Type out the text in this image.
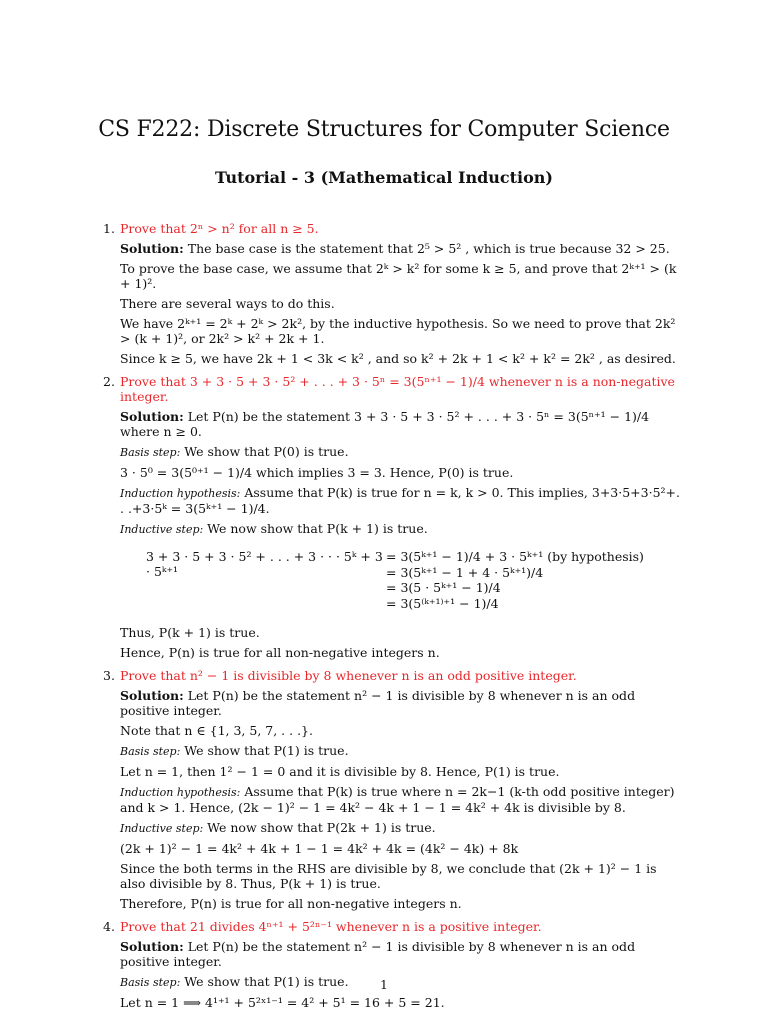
CS F222: Discrete Structures for Computer Science
Tutorial - 3 (Mathematical Induction)
1. Prove that 2ⁿ > n² for all n ≥ 5.
Solution: The base case is the statement that 2⁵ > 5² , which is true because 32 > 25.
To prove the base case, we assume that 2ᵏ > k² for some k ≥ 5, and prove that 2ᵏ⁺¹ > (k + 1)².
There are several ways to do this.
We have 2ᵏ⁺¹ = 2ᵏ + 2ᵏ > 2k², by the inductive hypothesis. So we need to prove that 2k² > (k + 1)², or 2k² > k² + 2k + 1.
Since k ≥ 5, we have 2k + 1 < 3k < k² , and so k² + 2k + 1 < k² + k² = 2k² , as desired.
2. Prove that 3 + 3 · 5 + 3 · 5² + . . . + 3 · 5ⁿ = 3(5ⁿ⁺¹ − 1)/4 whenever n is a non-negative integer.
Solution: Let P(n) be the statement 3 + 3 · 5 + 3 · 5² + . . . + 3 · 5ⁿ = 3(5ⁿ⁺¹ − 1)/4 where n ≥ 0.
Basis step: We show that P(0) is true.
3 · 5⁰ = 3(5⁰⁺¹ − 1)/4 which implies 3 = 3. Hence, P(0) is true.
Induction hypothesis: Assume that P(k) is true for n = k, k > 0. This implies, 3+3·5+3·5²+. . .+3·5ᵏ = 3(5ᵏ⁺¹ − 1)/4.
Inductive step: We now show that P(k + 1) is true.
3 + 3 · 5 + 3 · 5² + . . . + 3 · · · 5ᵏ + 3 · 5ᵏ⁺¹
= 3(5ᵏ⁺¹ − 1)/4 + 3 · 5ᵏ⁺¹ (by hypothesis)
= 3(5ᵏ⁺¹ − 1 + 4 · 5ᵏ⁺¹)/4
= 3(5 · 5ᵏ⁺¹ − 1)/4
= 3(5⁽ᵏ⁺¹⁾⁺¹ − 1)/4
Thus, P(k + 1) is true.
Hence, P(n) is true for all non-negative integers n.
3. Prove that n² − 1 is divisible by 8 whenever n is an odd positive integer.
Solution: Let P(n) be the statement n² − 1 is divisible by 8 whenever n is an odd positive integer.
Note that n ∈ {1, 3, 5, 7, . . .}.
Basis step: We show that P(1) is true.
Let n = 1, then 1² − 1 = 0 and it is divisible by 8. Hence, P(1) is true.
Induction hypothesis: Assume that P(k) is true where n = 2k−1 (k-th odd positive integer) and k > 1. Hence, (2k − 1)² − 1 = 4k² − 4k + 1 − 1 = 4k² + 4k is divisible by 8.
Inductive step: We now show that P(2k + 1) is true.
(2k + 1)² − 1 = 4k² + 4k + 1 − 1 = 4k² + 4k = (4k² − 4k) + 8k
Since the both terms in the RHS are divisible by 8, we conclude that (2k + 1)² − 1 is also divisible by 8. Thus, P(k + 1) is true.
Therefore, P(n) is true for all non-negative integers n.
4. Prove that 21 divides 4ⁿ⁺¹ + 5²ⁿ⁻¹ whenever n is a positive integer.
Solution: Let P(n) be the statement n² − 1 is divisible by 8 whenever n is an odd positive integer.
Basis step: We show that P(1) is true.
Let n = 1 ⟹ 4¹⁺¹ + 5²ˣ¹⁻¹ = 4² + 5¹ = 16 + 5 = 21.
1
